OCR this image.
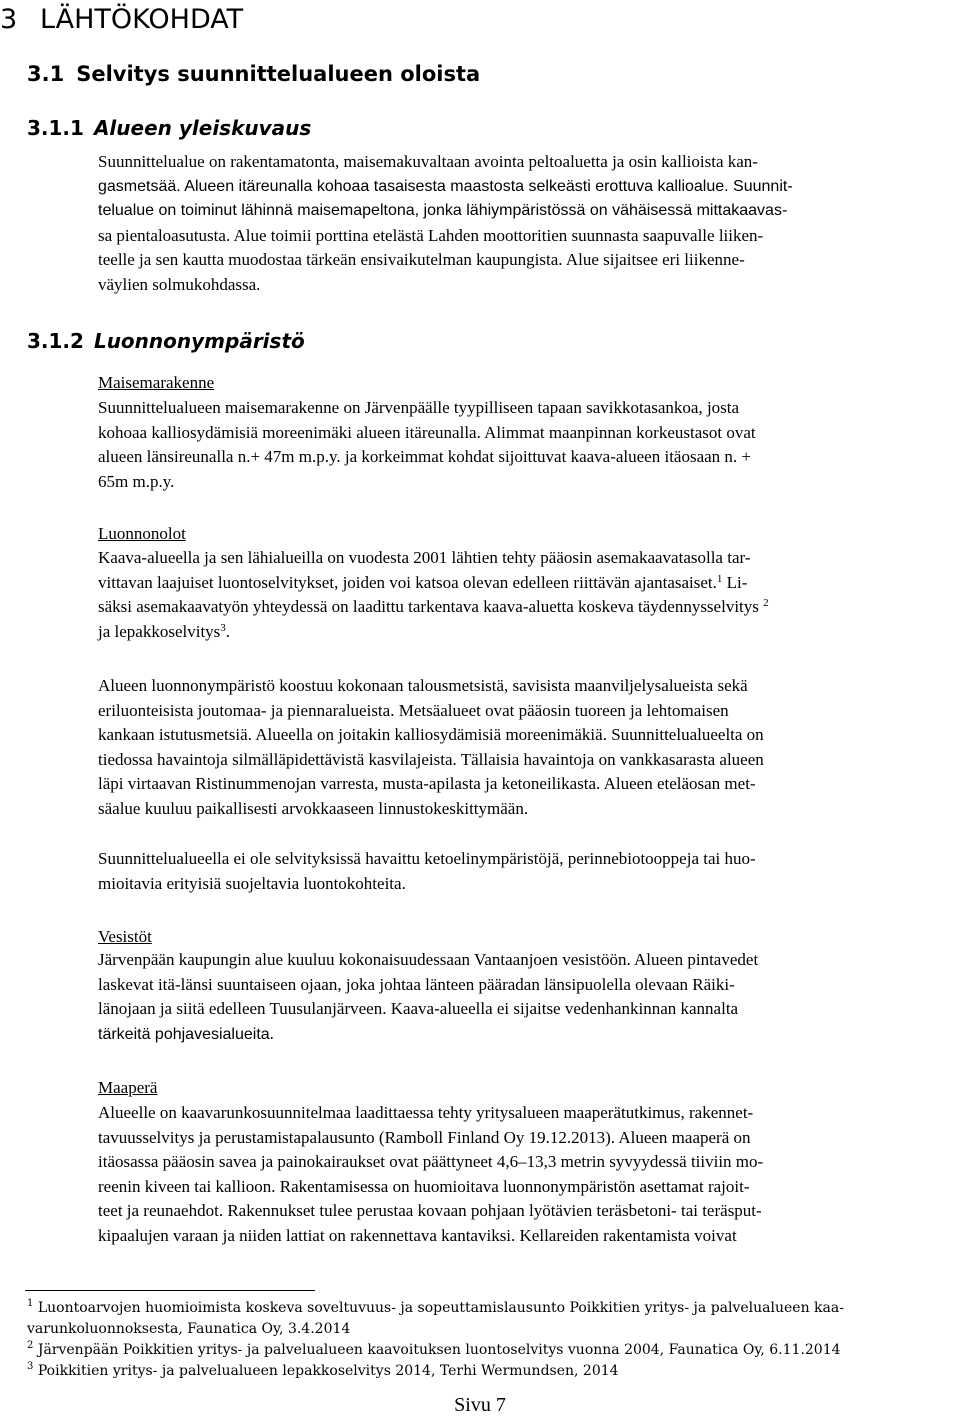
3 LÄHTÖKOHDAT
3.1 Selvitys suunnittelualueen oloista
3.1.1 Alueen yleiskuvaus

Suunnittelualue on rakentamatonta, maisemakuvaltaan avointa peltoaluetta ja osin kallioista kan-
gasmetsää. Alueen itäreunalla kohoaa tasaisesta maastosta selkeästi erottuva kallioalue. Suunnit-
telualue on toiminut lähinnä maisemapeltona, jonka lähiympäristössä on vähäisessä mittakaavas-
sa pientaloasutusta. Alue toimii porttina etelästä Lahden moottoritien suunnasta saapuvalle liiken-
teelle ja sen kautta muodostaa tärkeän ensivaikutelman kaupungista. Alue sijaitsee eri liikenne-
väylien solmukohdassa.

3.1.2 Luonnonympäristö
Maisemarakenne

Suunnittelualueen maisemarakenne on Järvenpäälle tyypilliseen tapaan savikkotasankoa, josta
kohoaa kalliosydämisiä moreenimäki alueen itäreunalla. Alimmat maanpinnan korkeustasot ovat
alueen länsireunalla n.+ 47m m.p.y. ja korkeimmat kohdat sijoittuvat kaava-alueen itäosaan n. +
65m m.p.y.

Luonnonolot

Kaava-alueella ja sen lähialueilla on vuodesta 2001 lähtien tehty pääosin asemakaavatasolla tar-
vittavan laajuiset luontoselvitykset, joiden voi katsoa olevan edelleen riittävän ajantasaiset.$^1$ Li-
säksi asemakaavatyön yhteydessä on laadittu tarkentava kaava-aluetta koskeva täydennysselvitys $^2$
ja lepakkoselvitys$^3$.

Alueen luonnonympäristö koostuu kokonaan talousmetsistä, savisista maanviljelysalueista sekä
eriluonteisista joutomaa- ja piennaralueista. Metsäalueet ovat pääosin tuoreen ja lehtomaisen
kankaan istutusmetsiä. Alueella on joitakin kalliosydämisiä moreenimäkiä. Suunnittelualueelta on
tiedossa havaintoja silmälläpidettävistä kasvilajeista. Tällaisia havaintoja on vankkasarasta alueen
läpi virtaavan Ristinummenojan varresta, musta-apilasta ja ketoneilikasta. Alueen eteläosan met-
säalue kuuluu paikallisesti arvokkaaseen linnustokeskittymään.

Suunnittelualueella ei ole selvityksissä havaittu ketoelinympäristöjä, perinnebiotooppeja tai huo-
mioitavia erityisiä suojeltavia luontokohteita.

Vesistöt

Järvenpään kaupungin alue kuuluu kokonaisuudessaan Vantaanjoen vesistöön. Alueen pintavedet
laskevat itä-länsi suuntaiseen ojaan, joka johtaa länteen pääradan länsipuolella olevaan Räiki-
länojaan ja siitä edelleen Tuusulanjärveen. Kaava-alueella ei sijaitse vedenhankinnan kannalta
tärkeitä pohjavesialueita.

Maaperä

Alueelle on kaavarunkosuunnitelmaa laadittaessa tehty yritysalueen maaperätutkimus, rakennet-
tavuusselvitys ja perustamistapalausunto (Ramboll Finland Oy 19.12.2013). Alueen maaperä on
itäosassa pääosin savea ja painokairaukset ovat päättyneet 4,6–13,3 metrin syvyydessä tiiviin mo-
reenin kiveen tai kallioon. Rakentamisessa on huomioitava luonnonympäristön asettamat rajoit-
teet ja reunaehdot. Rakennukset tulee perustaa kovaan pohjaan lyötävien teräsbetoni- tai teräsput-
kipaalujen varaan ja niiden lattiat on rakennettava kantaviksi. Kellareiden rakentamista voivat

$^1$ Luontoarvojen huomioimista koskeva soveltuvuus- ja sopeuttamislausunto Poikkitien yritys- ja palvelualueen kaa-
varunkoluonnoksesta, Faunatica Oy, 3.4.2014
$^2$ Järvenpään Poikkitien yritys- ja palvelualueen kaavoituksen luontoselvitys vuonna 2004, Faunatica Oy, 6.11.2014
$^3$ Poikkitien yritys- ja palvelualueen lepakkoselvitys 2014, Terhi Wermundsen, 2014
Sivu 7
